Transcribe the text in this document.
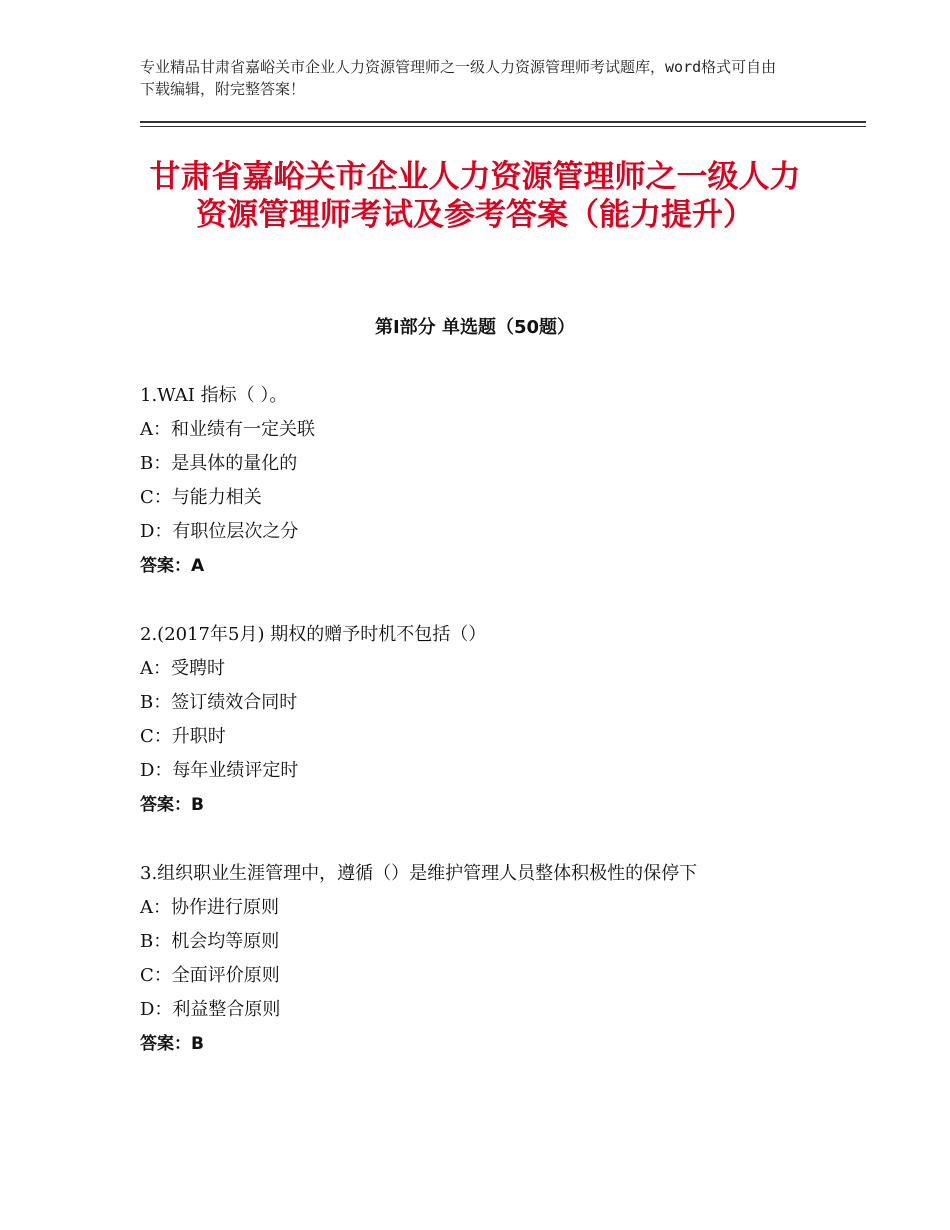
专业精品甘肃省嘉峪关市企业人力资源管理师之一级人力资源管理师考试题库，word格式可自由下载编辑，附完整答案！
甘肃省嘉峪关市企业人力资源管理师之一级人力资源管理师考试及参考答案（能力提升）
第Ⅰ部分 单选题（50题）

1.WAI 指标（ ）。

A：和业绩有一定关联

B：是具体的量化的

C：与能力相关

D：有职位层次之分

答案：A

2.(2017年5月) 期权的赠予时机不包括（）

A：受聘时

B：签订绩效合同时

C：升职时

D：每年业绩评定时

答案：B

3.组织职业生涯管理中，遵循（）是维护管理人员整体积极性的保停下

A：协作进行原则

B：机会均等原则

C：全面评价原则

D：利益整合原则

答案：B
